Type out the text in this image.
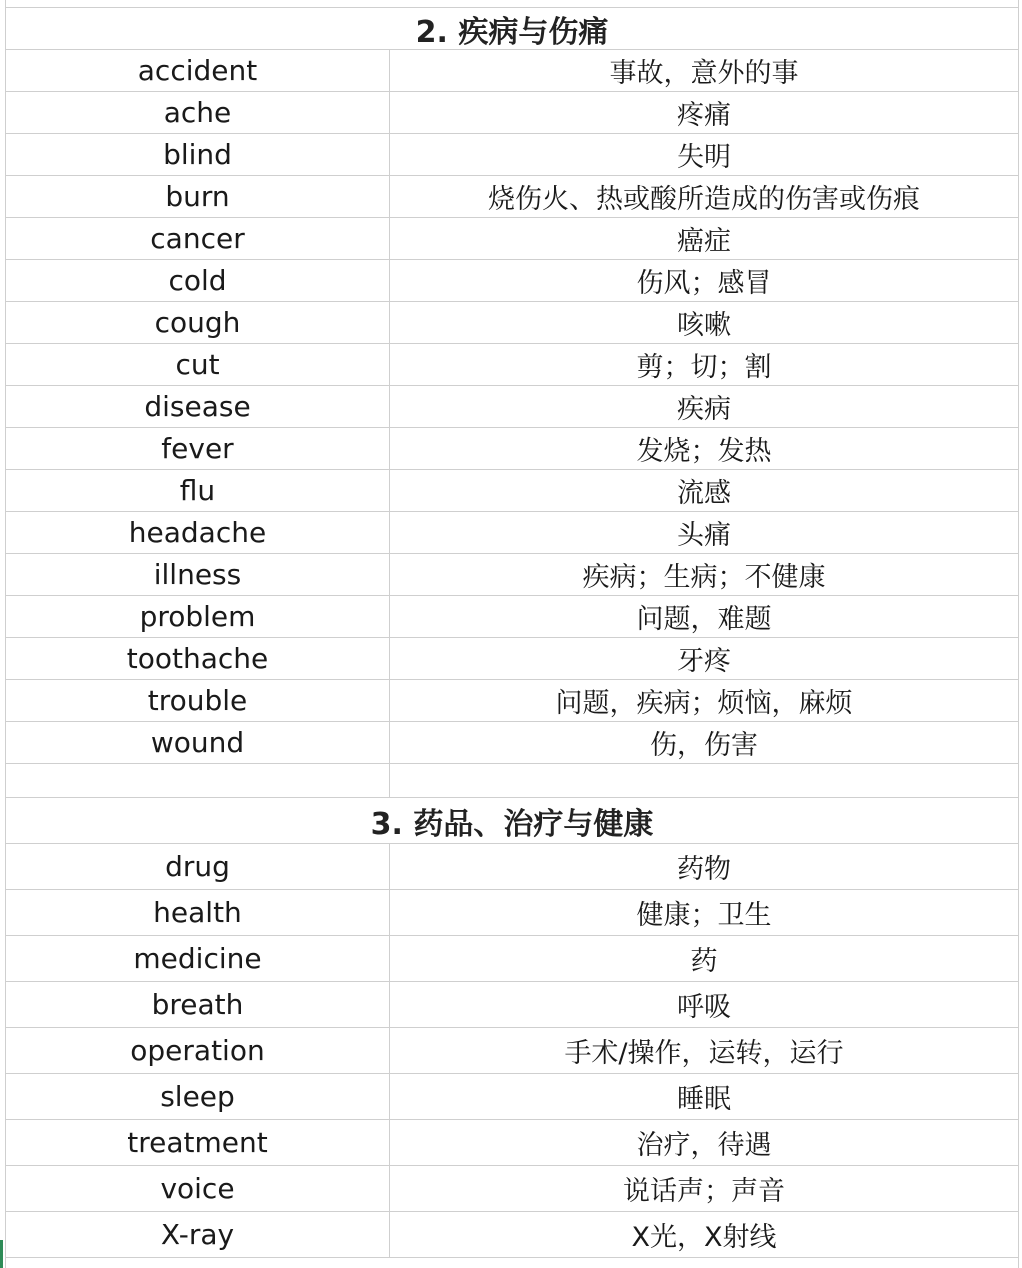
2. 疾病与伤痛
accident	事故，意外的事
ache	疼痛
blind	失明
burn	烧伤火、热或酸所造成的伤害或伤痕
cancer	癌症
cold	伤风；感冒
cough	咳嗽
cut	剪；切；割
disease	疾病
fever	发烧；发热
flu	流感
headache	头痛
illness	疾病；生病；不健康
problem	问题，难题
toothache	牙疼
trouble	问题，疾病；烦恼，麻烦
wound	伤，伤害
3. 药品、治疗与健康
drug	药物
health	健康；卫生
medicine	药
breath	呼吸
operation	手术/操作，运转，运行
sleep	睡眠
treatment	治疗，待遇
voice	说话声；声音
X-ray	X光，X射线
